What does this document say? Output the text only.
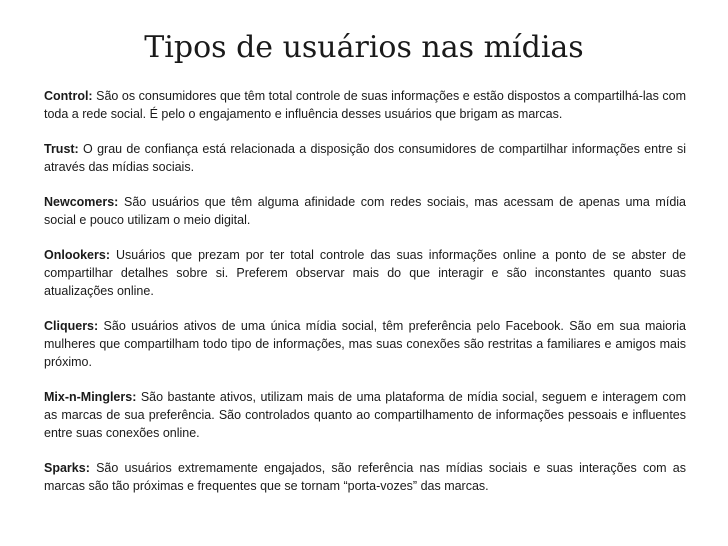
Tipos de usuários nas mídias

Control: São os consumidores que têm total controle de suas informações e estão dispostos a compartilhá-las com toda a rede social. É pelo o engajamento e influência desses usuários que brigam as marcas.

Trust: O grau de confiança está relacionada a disposição dos consumidores de compartilhar informações entre si através das mídias sociais.

Newcomers: São usuários que têm alguma afinidade com redes sociais, mas acessam de apenas uma mídia social e pouco utilizam o meio digital.

Onlookers: Usuários que prezam por ter total controle das suas informações online a ponto de se abster de compartilhar detalhes sobre si. Preferem observar mais do que interagir e são inconstantes quanto suas atualizações online.

Cliquers: São usuários ativos de uma única mídia social, têm preferência pelo Facebook. São em sua maioria mulheres que compartilham todo tipo de informações, mas suas conexões são restritas a familiares e amigos mais próximo.

Mix-n-Minglers: São bastante ativos, utilizam mais de uma plataforma de mídia social, seguem e interagem com as marcas de sua preferência. São controlados quanto ao compartilhamento de informações pessoais e influentes entre suas conexões online.

Sparks: São usuários extremamente engajados, são referência nas mídias sociais e suas interações com as marcas são tão próximas e frequentes que se tornam “porta-vozes” das marcas.
